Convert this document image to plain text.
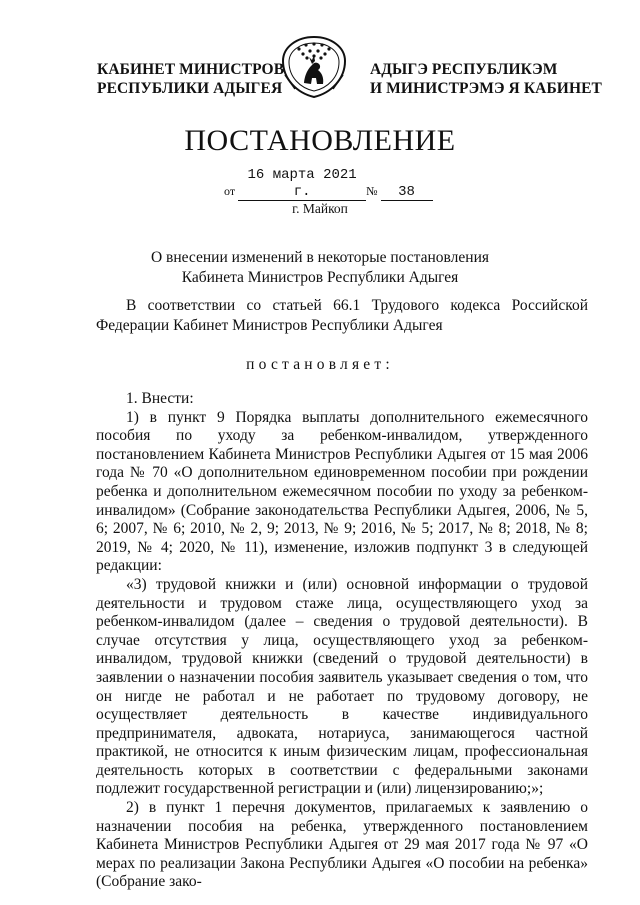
КАБИНЕТ МИНИСТРОВ
РЕСПУБЛИКИ АДЫГЕЯ
АДЫГЭ РЕСПУБЛИКЭМ
И МИНИСТРЭМЭ Я КАБИНЕТ
ПОСТАНОВЛЕНИЕ
от 16 марта 2021 г.	№ 38
г. Майкоп
О внесении изменений в некоторые постановления
Кабинета Министров Республики Адыгея
В соответствии со статьей 66.1 Трудового кодекса Российской Федерации Кабинет Министров Республики Адыгея
постановляет:

1. Внести:

1) в пункт 9 Порядка выплаты дополнительного ежемесячного пособия по уходу за ребенком-инвалидом, утвержденного постановлением Кабинета Министров Республики Адыгея от 15 мая 2006 года № 70 «О дополнительном единовременном пособии при рождении ребенка и дополнительном ежемесячном пособии по уходу за ребенком-инвалидом» (Собрание законодательства Республики Адыгея, 2006, № 5, 6; 2007, № 6; 2010, № 2, 9; 2013, № 9; 2016, № 5; 2017, № 8; 2018, № 8; 2019, № 4; 2020, № 11), изменение, изложив подпункт 3 в следующей редакции:

«3) трудовой книжки и (или) основной информации о трудовой деятельности и трудовом стаже лица, осуществляющего уход за ребенком-инвалидом (далее – сведения о трудовой деятельности). В случае отсутствия у лица, осуществляющего уход за ребенком-инвалидом, трудовой книжки (сведений о трудовой деятельности) в заявлении о назначении пособия заявитель указывает сведения о том, что он нигде не работал и не работает по трудовому договору, не осуществляет деятельность в качестве индивидуального предпринимателя, адвоката, нотариуса, занимающегося частной практикой, не относится к иным физическим лицам, профессиональная деятельность которых в соответствии с федеральными законами подлежит государственной регистрации и (или) лицензированию;»;

2) в пункт 1 перечня документов, прилагаемых к заявлению о назначении пособия на ребенка, утвержденного постановлением Кабинета Министров Республики Адыгея от 29 мая 2017 года № 97 «О мерах по реализации Закона Республики Адыгея «О пособии на ребенка» (Собрание зако-
